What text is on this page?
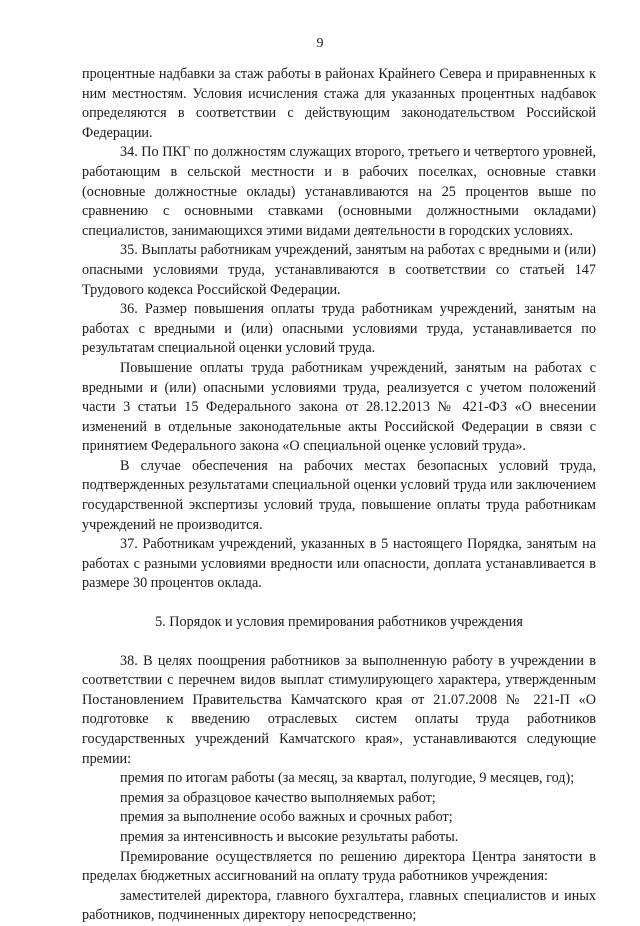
9

процентные надбавки за стаж работы в районах Крайнего Севера и приравненных к ним местностям. Условия исчисления стажа для указанных процентных надбавок определяются в соответствии с действующим законодательством Российской Федерации.

34. По ПКГ по должностям служащих второго, третьего и четвертого уровней, работающим в сельской местности и в рабочих поселках, основные ставки (основные должностные оклады) устанавливаются на 25 процентов выше по сравнению с основными ставками (основными должностными окладами) специалистов, занимающихся этими видами деятельности в городских условиях.

35. Выплаты работникам учреждений, занятым на работах с вредными и (или) опасными условиями труда, устанавливаются в соответствии со статьей 147 Трудового кодекса Российской Федерации.

36. Размер повышения оплаты труда работникам учреждений, занятым на работах с вредными и (или) опасными условиями труда, устанавливается по результатам специальной оценки условий труда.

Повышение оплаты труда работникам учреждений, занятым на работах с вредными и (или) опасными условиями труда, реализуется с учетом положений части 3 статьи 15 Федерального закона от 28.12.2013 № 421-ФЗ «О внесении изменений в отдельные законодательные акты Российской Федерации в связи с принятием Федерального закона «О специальной оценке условий труда».

В случае обеспечения на рабочих местах безопасных условий труда, подтвержденных результатами специальной оценки условий труда или заключением государственной экспертизы условий труда, повышение оплаты труда работникам учреждений не производится.

37. Работникам учреждений, указанных в 5 настоящего Порядка, занятым на работах с разными условиями вредности или опасности, доплата устанавливается в размере 30 процентов оклада.

5. Порядок и условия премирования работников учреждения

38. В целях поощрения работников за выполненную работу в учреждении в соответствии с перечнем видов выплат стимулирующего характера, утвержденным Постановлением Правительства Камчатского края от 21.07.2008 № 221-П «О подготовке к введению отраслевых систем оплаты труда работников государственных учреждений Камчатского края», устанавливаются следующие премии:

премия по итогам работы (за месяц, за квартал, полугодие, 9 месяцев, год);

премия за образцовое качество выполняемых работ;

премия за выполнение особо важных и срочных работ;

премия за интенсивность и высокие результаты работы.

Премирование осуществляется по решению директора Центра занятости в пределах бюджетных ассигнований на оплату труда работников учреждения:

заместителей директора, главного бухгалтера, главных специалистов и иных работников, подчиненных директору непосредственно;
